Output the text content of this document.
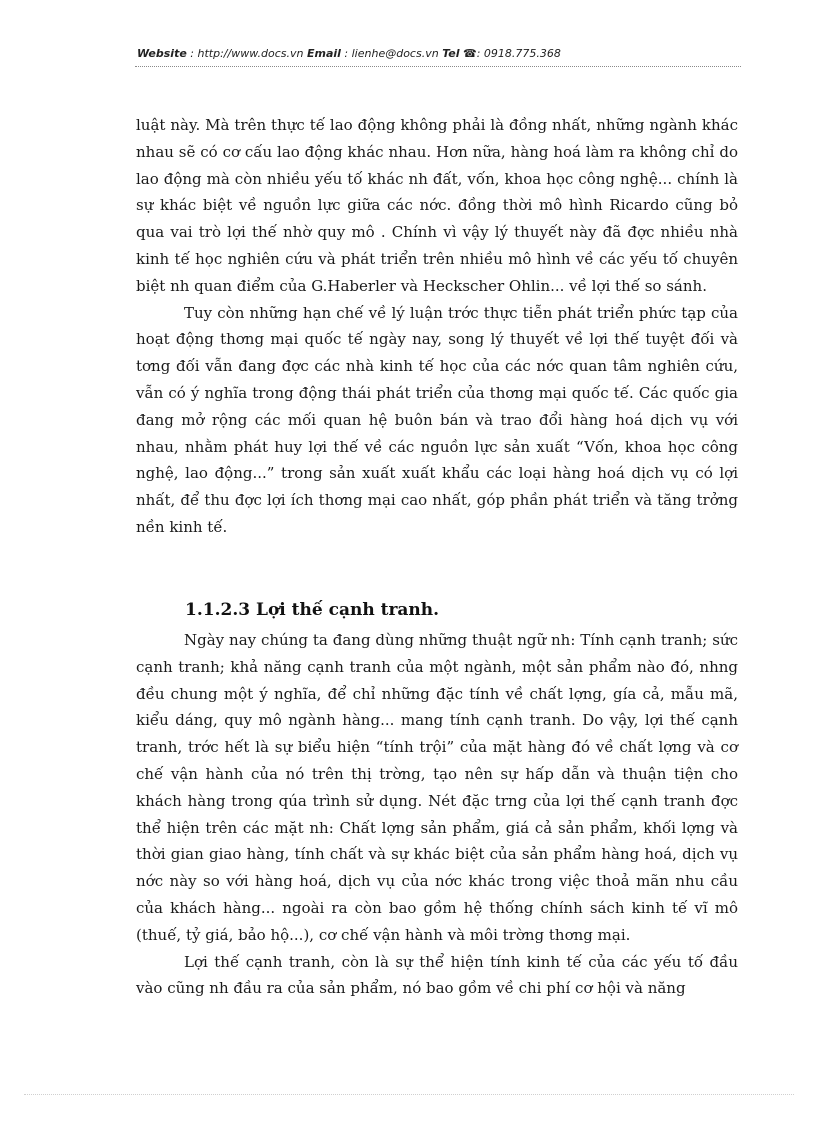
Website : http://www.docs.vn Email : lienhe@docs.vn Tel ☎: 0918.775.368

luật này. Mà trên thực tế lao động không phải là đồng nhất, những ngành khác nhau sẽ có cơ cấu lao động khác nhau. Hơn nữa, hàng hoá làm ra không chỉ do lao động mà còn nhiều yếu tố khác nh đất, vốn, khoa học công nghệ... chính là sự khác biệt về nguồn lực giữa các nớc. đồng thời mô hình Ricardo cũng bỏ qua vai trò lợi thế nhờ quy mô . Chính vì vậy lý thuyết này đã đợc nhiều nhà kinh tế học nghiên cứu và phát triển trên nhiều mô hình về các yếu tố chuyên biệt nh quan điểm của G.Haberler và Heckscher Ohlin... về lợi thế so sánh.

Tuy còn những hạn chế về lý luận trớc thực tiễn phát triển phức tạp của hoạt động thơng mại quốc tế ngày nay, song lý thuyết về lợi thế tuyệt đối và tơng đối vẫn đang đợc các nhà kinh tế học của các nớc quan tâm nghiên cứu, vẫn có ý nghĩa trong động thái phát triển của thơng mại quốc tế. Các quốc gia đang mở rộng các mối quan hệ buôn bán và trao đổi hàng hoá dịch vụ với nhau, nhằm phát huy lợi thế về các nguồn lực sản xuất “Vốn, khoa học công nghệ, lao động...” trong sản xuất xuất khẩu các loại hàng hoá dịch vụ có lợi nhất, để thu đợc lợi ích thơng mại cao nhất, góp phần phát triển và tăng trởng nền kinh tế.

1.1.2.3 Lợi thế cạnh tranh.

Ngày nay chúng ta đang dùng những thuật ngữ nh: Tính cạnh tranh; sức cạnh tranh; khả năng cạnh tranh của một ngành, một sản phẩm nào đó, nhng đều chung một ý nghĩa, để chỉ những đặc tính về chất lợng, gía cả, mẫu mã, kiểu dáng, quy mô ngành hàng... mang tính cạnh tranh. Do vậy, lợi thế cạnh tranh, trớc hết là sự biểu hiện “tính trội” của mặt hàng đó về chất lợng và cơ chế vận hành của nó trên thị trờng, tạo nên sự hấp dẫn và thuận tiện cho khách hàng trong qúa trình sử dụng. Nét đặc trng của lợi thế cạnh tranh đợc thể hiện trên các mặt nh: Chất lợng sản phẩm, giá cả sản phẩm, khối lợng và thời gian giao hàng, tính chất và sự khác biệt của sản phẩm hàng hoá, dịch vụ nớc này so với hàng hoá, dịch vụ của nớc khác trong việc thoả mãn nhu cầu của khách hàng... ngoài ra còn bao gồm hệ thống chính sách kinh tế vĩ mô (thuế, tỷ giá, bảo hộ...), cơ chế vận hành và môi trờng thơng mại.

Lợi thế cạnh tranh, còn là sự thể hiện tính kinh tế của các yếu tố đầu vào cũng nh đầu ra của sản phẩm, nó bao gồm về chi phí cơ hội và năng
